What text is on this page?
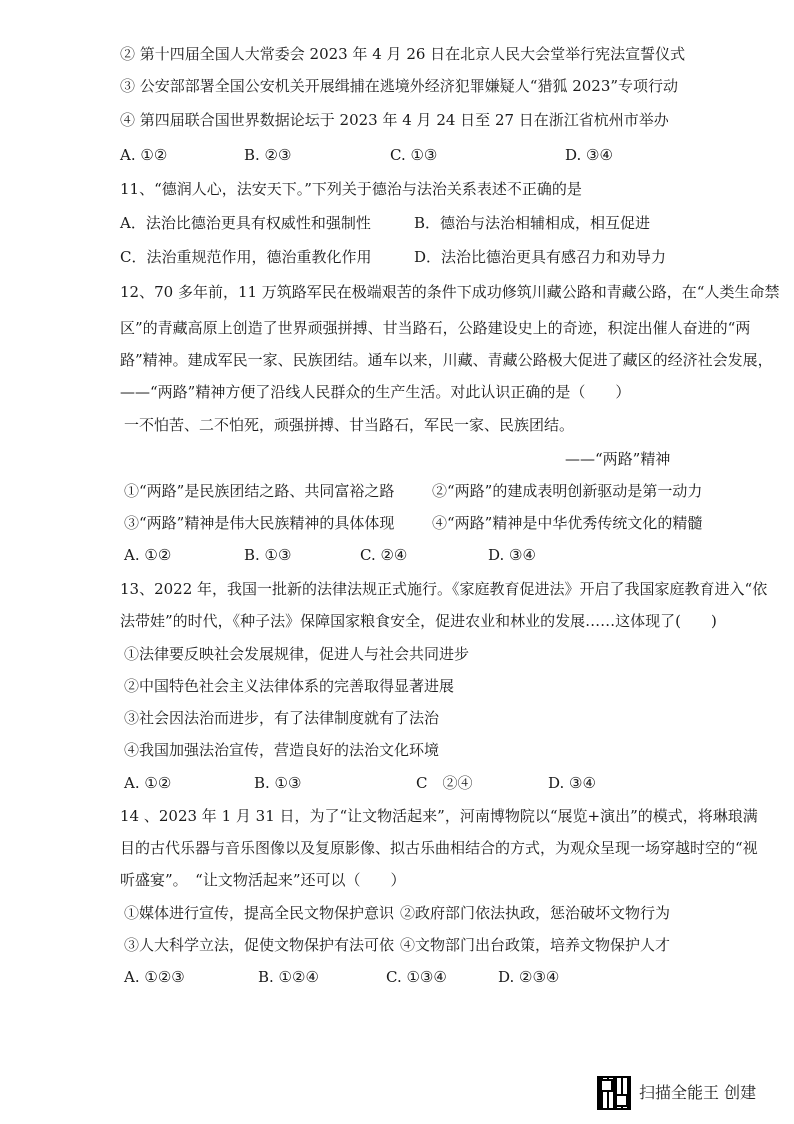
② 第十四届全国人大常委会 2023 年 4 月 26 日在北京人民大会堂举行宪法宣誓仪式
③ 公安部部署全国公安机关开展缉捕在逃境外经济犯罪嫌疑人“猎狐 2023”专项行动
④ 第四届联合国世界数据论坛于 2023 年 4 月 24 日至 27 日在浙江省杭州市举办
A. ①②	B. ②③	C. ①③	D. ③④
11、“德润人心，法安天下。”下列关于德治与法治关系表述不正确的是
A．法治比德治更具有权威性和强制性	B．德治与法治相辅相成，相互促进
C．法治重规范作用，德治重教化作用	D．法治比德治更具有感召力和劝导力
12、70 多年前，11 万筑路军民在极端艰苦的条件下成功修筑川藏公路和青藏公路，在“人类生命禁
区”的青藏高原上创造了世界顽强拼搏、甘当路石，公路建设史上的奇迹，积淀出催人奋进的“两
路”精神。建成军民一家、民族团结。通车以来，川藏、青藏公路极大促进了藏区的经济社会发展，
——“两路”精神方便了沿线人民群众的生产生活。对此认识正确的是（　　）
一不怕苦、二不怕死，顽强拼搏、甘当路石，军民一家、民族团结。
——“两路”精神
①“两路”是民族团结之路、共同富裕之路	②“两路”的建成表明创新驱动是第一动力
③“两路”精神是伟大民族精神的具体体现	④“两路”精神是中华优秀传统文化的精髓
A. ①②	B. ①③	C. ②④	D. ③④
13、2022 年，我国一批新的法律法规正式施行。《家庭教育促进法》开启了我国家庭教育进入“依
法带娃”的时代，《种子法》保障国家粮食安全，促进农业和林业的发展……这体现了(　　)
①法律要反映社会发展规律，促进人与社会共同进步
②中国特色社会主义法律体系的完善取得显著进展
③社会因法治而进步，有了法律制度就有了法治
④我国加强法治宣传，营造良好的法治文化环境
A. ①②	B. ①③	C　②④	D. ③④
14 、2023 年 1 月 31 日，为了“让文物活起来”，河南博物院以“展览+演出”的模式，将琳琅满
目的古代乐器与音乐图像以及复原影像、拟古乐曲相结合的方式，为观众呈现一场穿越时空的“视
听盛宴”。　“让文物活起来”还可以（　　）
①媒体进行宣传，提高全民文物保护意识 ②政府部门依法执政，惩治破坏文物行为
③人大科学立法，促使文物保护有法可依 ④文物部门出台政策，培养文物保护人才
A. ①②③	B. ①②④	C. ①③④	D. ②③④
扫描全能王 创建
